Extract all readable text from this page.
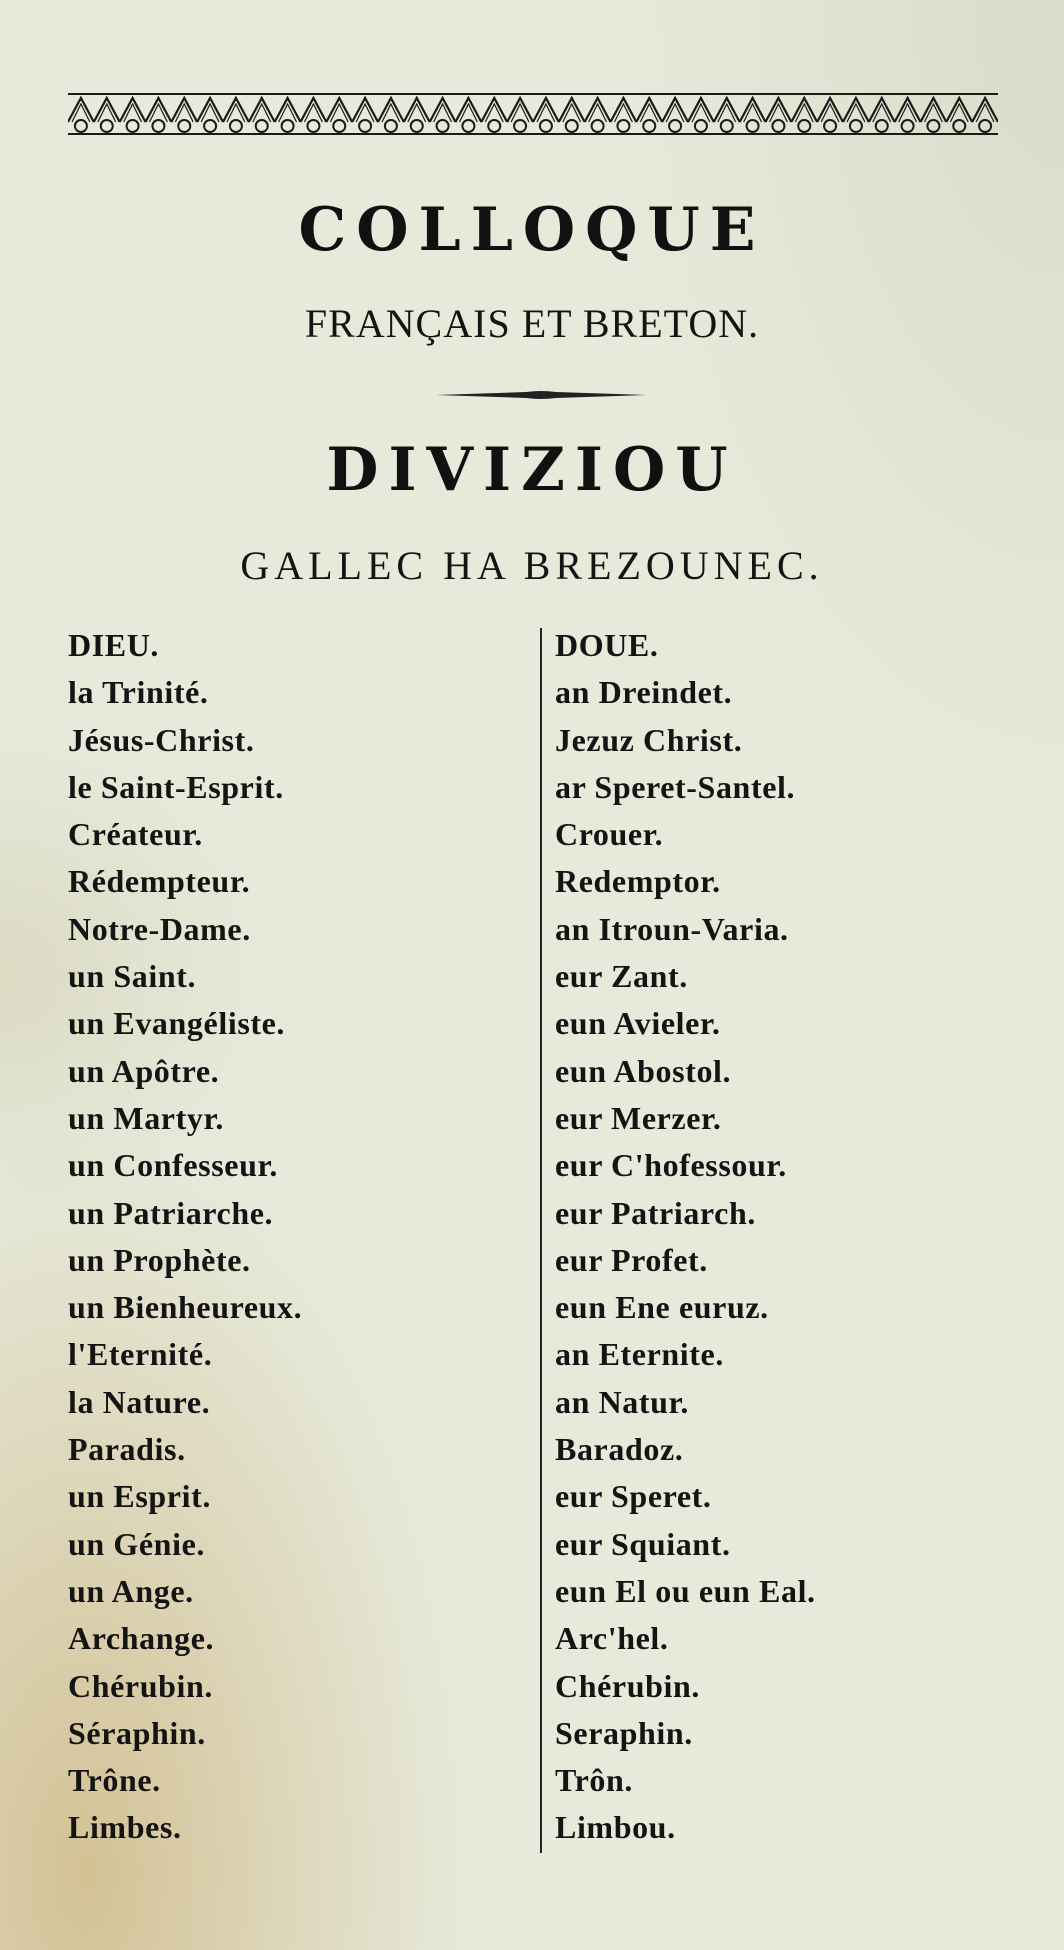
COLLOQUE
FRANÇAIS ET BRETON.
DIVIZIOU
GALLEC HA BREZOUNEC.
DIEU.
la Trinité.
Jésus-Christ.
le Saint-Esprit.
Créateur.
Rédempteur.
Notre-Dame.
un Saint.
un Evangéliste.
un Apôtre.
un Martyr.
un Confesseur.
un Patriarche.
un Prophète.
un Bienheureux.
l'Eternité.
la Nature.
Paradis.
un Esprit.
un Génie.
un Ange.
Archange.
Chérubin.
Séraphin.
Trône.
Limbes.
DOUE.
an Dreindet.
Jezuz Christ.
ar Speret-Santel.
Crouer.
Redemptor.
an Itroun-Varia.
eur Zant.
eun Avieler.
eun Abostol.
eur Merzer.
eur C'hofessour.
eur Patriarch.
eur Profet.
eun Ene euruz.
an Eternite.
an Natur.
Baradoz.
eur Speret.
eur Squiant.
eun El ou eun Eal.
Arc'hel.
Chérubin.
Seraphin.
Trôn.
Limbou.
